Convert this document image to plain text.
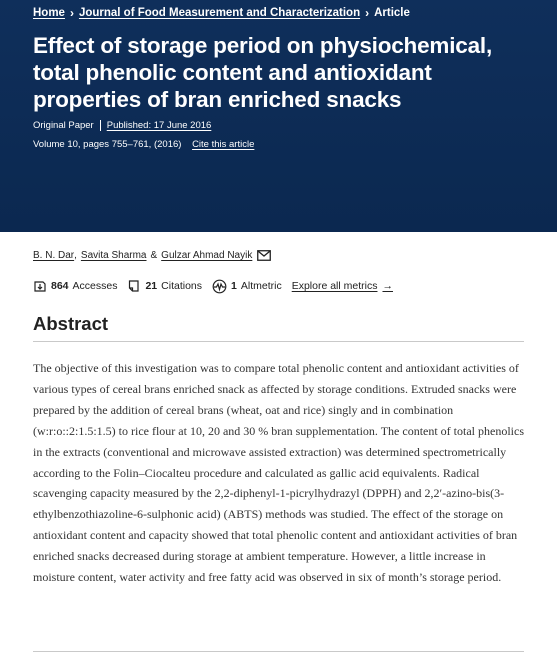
Home › Journal of Food Measurement and Characterization › Article
Effect of storage period on physiochemical, total phenolic content and antioxidant properties of bran enriched snacks
Original Paper Published: 17 June 2016
Volume 10, pages 755–761, (2016) Cite this article
B. N. Dar , Savita Sharma & Gulzar Ahmad Nayik
864 Accesses	21 Citations	1 Altmetric Explore all metrics →
Abstract

The objective of this investigation was to compare total phenolic content and antioxidant activities of various types of cereal brans enriched snack as affected by storage conditions. Extruded snacks were prepared by the addition of cereal brans (wheat, oat and rice) singly and in combination (w:r:o::2:1.5:1.5) to rice flour at 10, 20 and 30 % bran supplementation. The content of total phenolics in the extracts (conventional and microwave assisted extraction) was determined spectrometrically according to the Folin–Ciocalteu procedure and calculated as gallic acid equivalents. Radical scavenging capacity measured by the 2,2-diphenyl-1-picrylhydrazyl (DPPH) and 2,2′-azino-bis(3-ethylbenzothiazoline-6-sulphonic acid) (ABTS) methods was studied. The effect of the storage on antioxidant content and capacity showed that total phenolic content and antioxidant activities of bran enriched snacks decreased during storage at ambient temperature. However, a little increase in moisture content, water activity and free fatty acid was observed in six of month’s storage period.
